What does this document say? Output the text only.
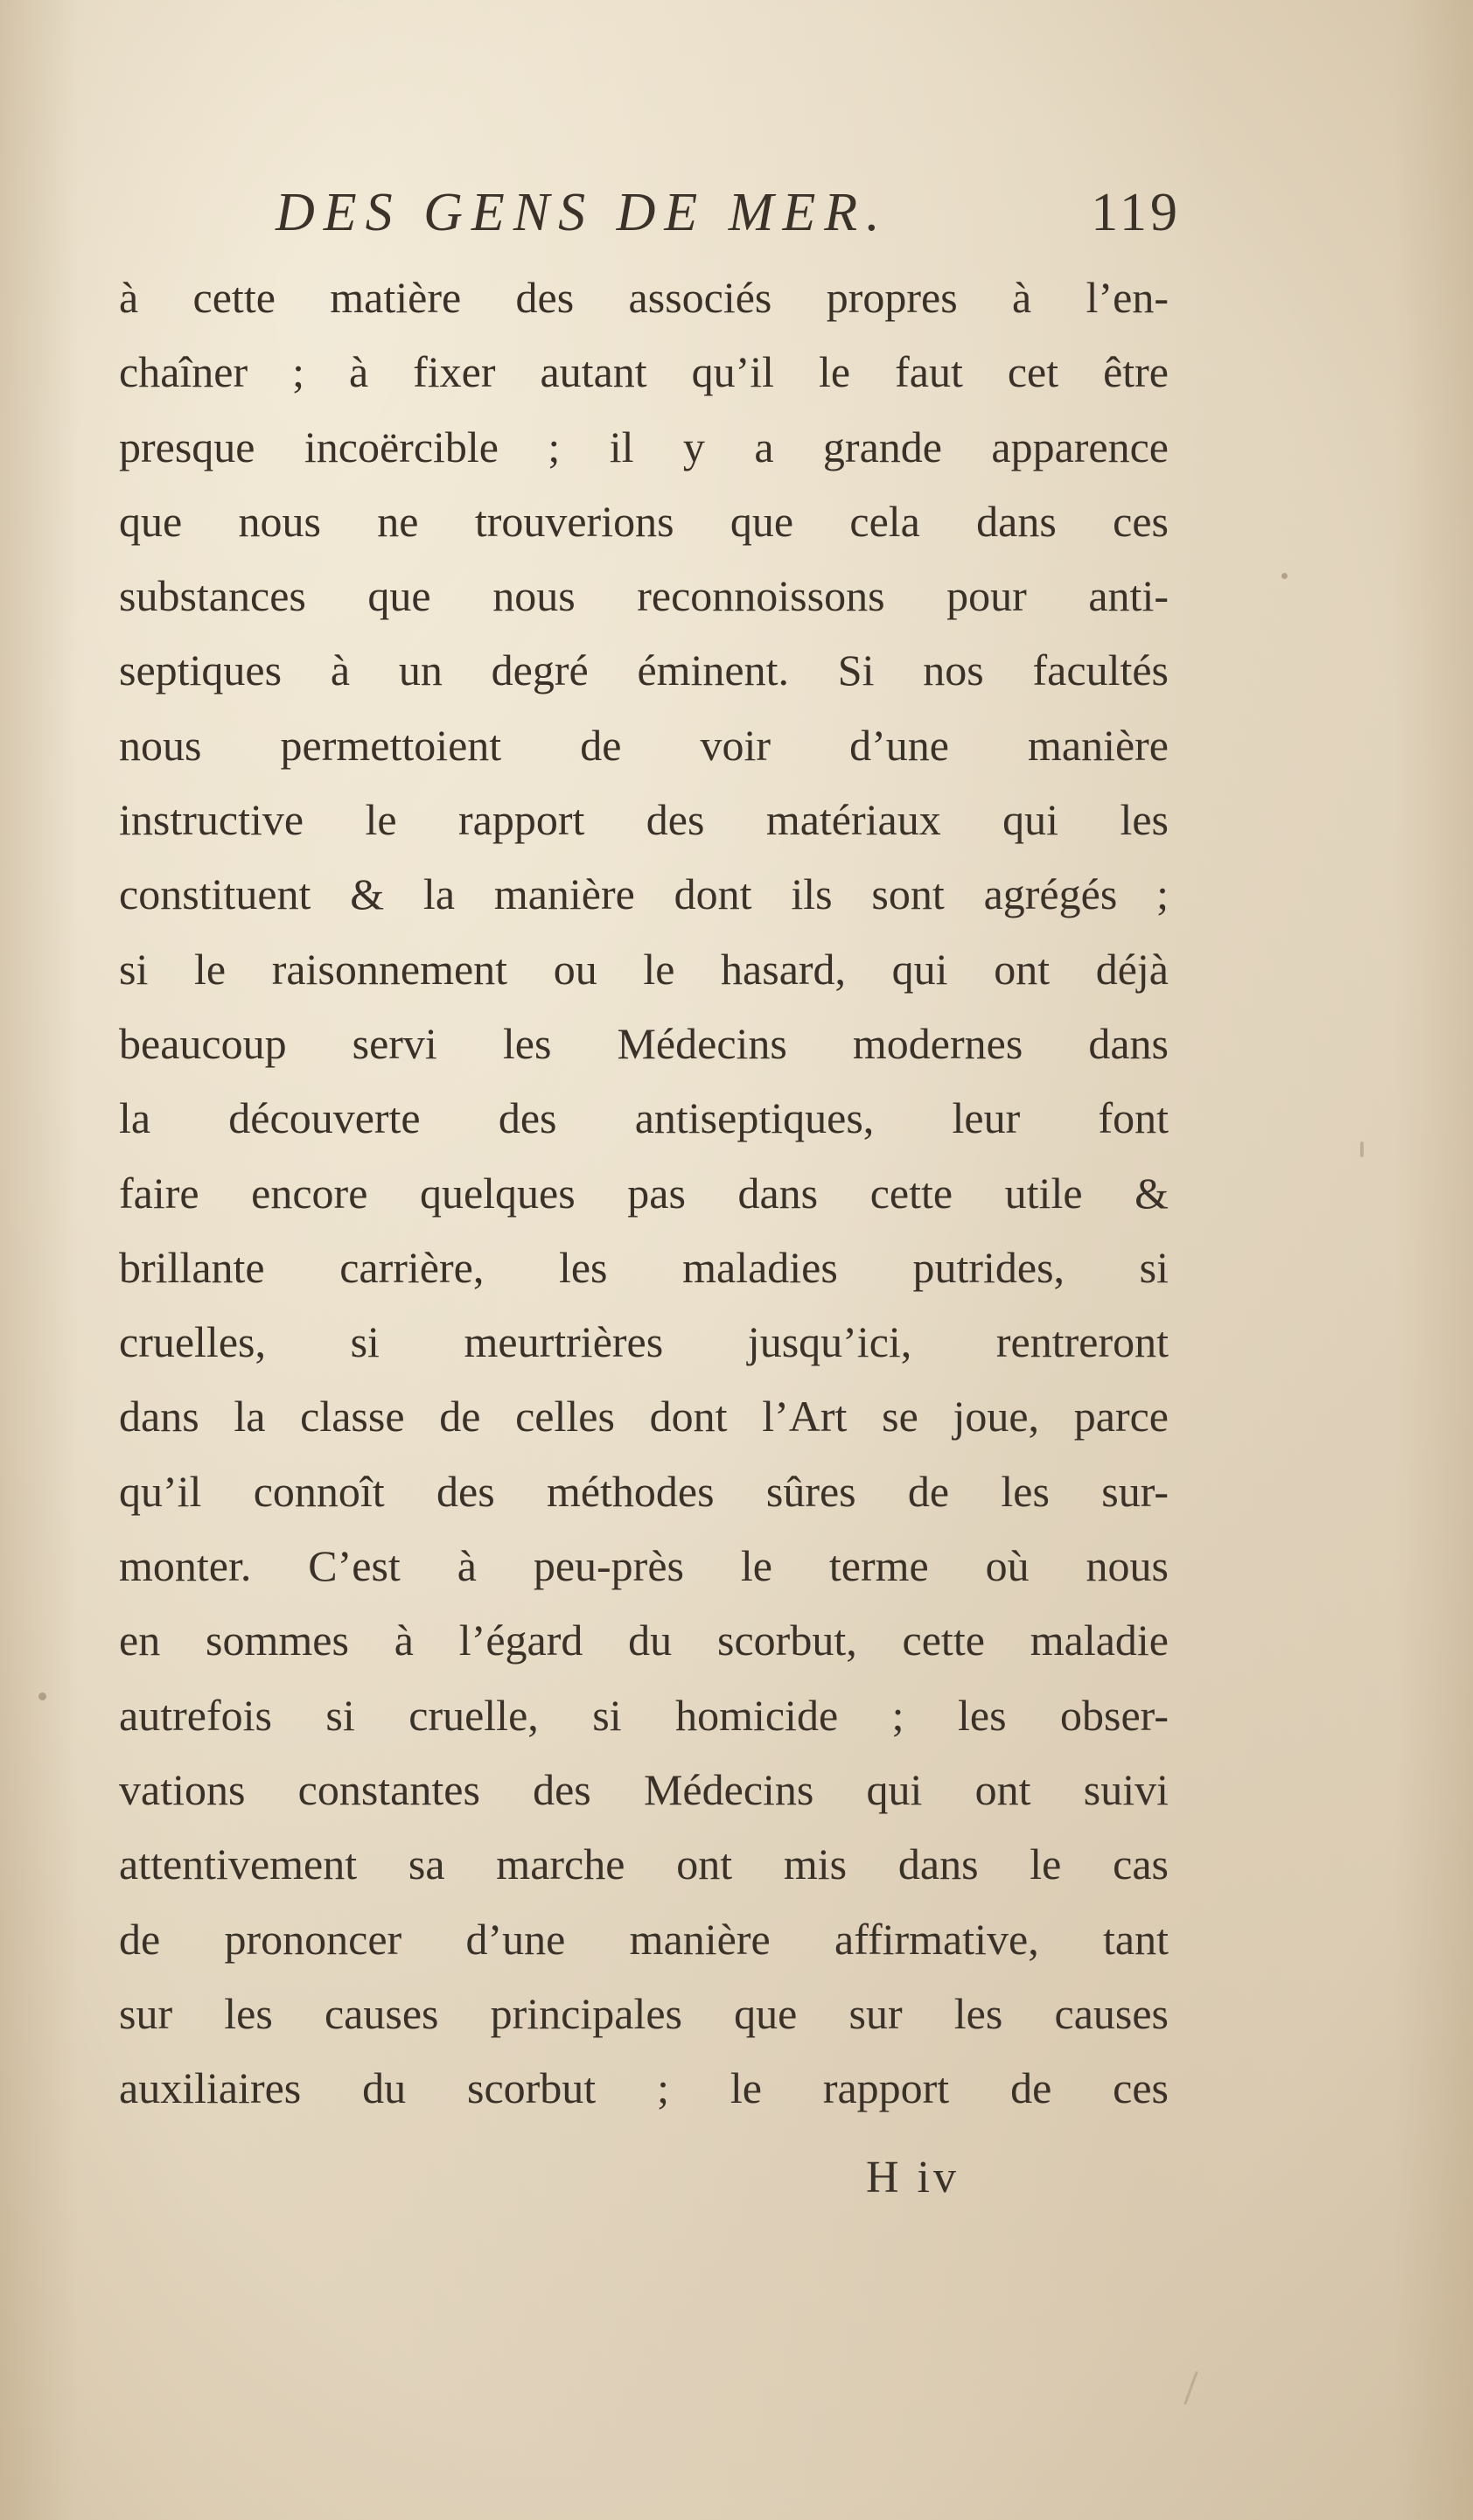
DES GENS DE MER.	119
à cette matière des associés propres à l’en-
chaîner ; à fixer autant qu’il le faut cet être
presque incoërcible ; il y a grande apparence
que nous ne trouverions que cela dans ces
substances que nous reconnoissons pour anti-
septiques à un degré éminent. Si nos facultés
nous permettoient de voir d’une manière
instructive le rapport des matériaux qui les
constituent & la manière dont ils sont agrégés ;
si le raisonnement ou le hasard, qui ont déjà
beaucoup servi les Médecins modernes dans
la découverte des antiseptiques, leur font
faire encore quelques pas dans cette utile &
brillante carrière, les maladies putrides, si
cruelles, si meurtrières jusqu’ici, rentreront
dans la classe de celles dont l’Art se joue, parce
qu’il connoît des méthodes sûres de les sur-
monter. C’est à peu-près le terme où nous
en sommes à l’égard du scorbut, cette maladie
autrefois si cruelle, si homicide ; les obser-
vations constantes des Médecins qui ont suivi
attentivement sa marche ont mis dans le cas
de prononcer d’une manière affirmative, tant
sur les causes principales que sur les causes
auxiliaires du scorbut ; le rapport de ces
H iv
